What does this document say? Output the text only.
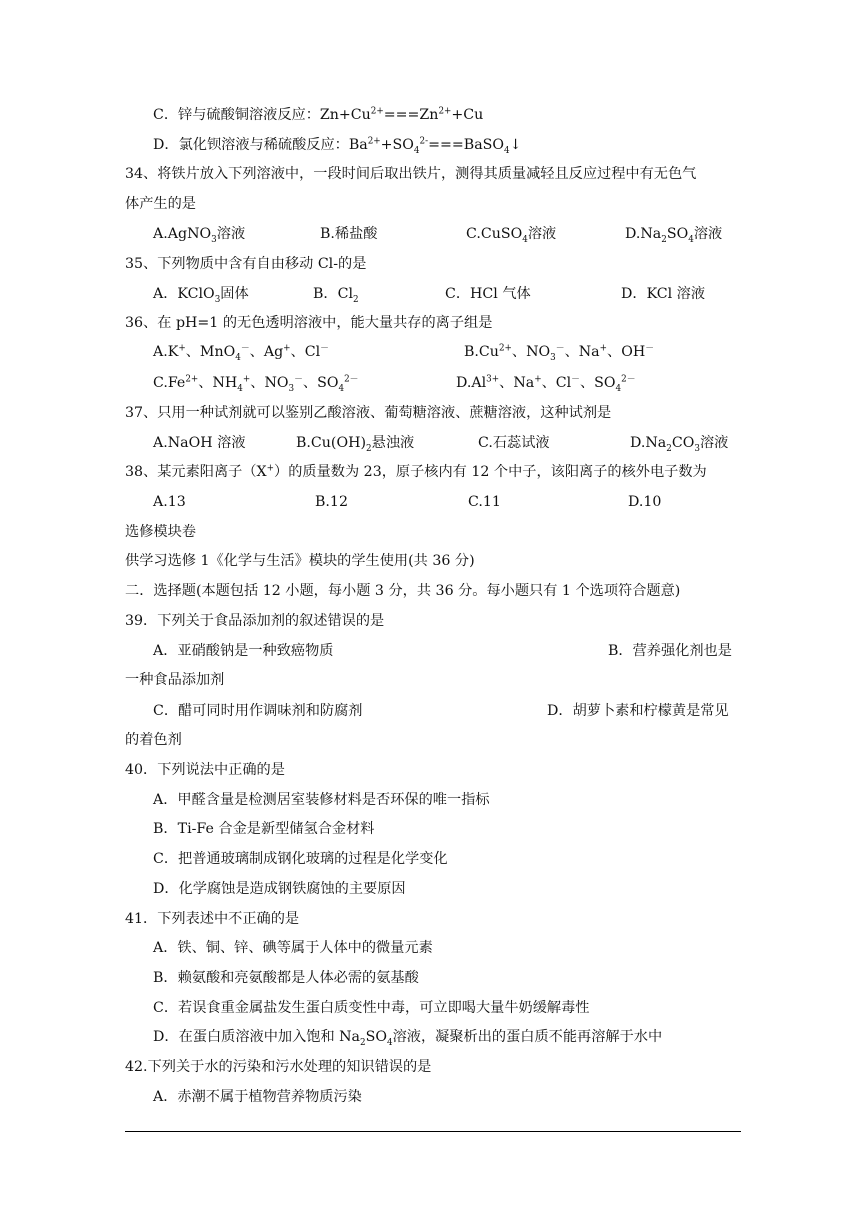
C．锌与硫酸铜溶液反应：$Zn+Cu^{2+}===Zn^{2+}+Cu$
D．氯化钡溶液与稀硫酸反应：$Ba^{2+}+SO_4^{2-}===BaSO_4↓$
34、将铁片放入下列溶液中，一段时间后取出铁片，测得其质量减轻且反应过程中有无色气
体产生的是
35、下列物质中含有自由移动 Cl-的是
36、在 pH=1 的无色透明溶液中，能大量共存的离子组是
37、只用一种试剂就可以鉴别乙酸溶液、葡萄糖溶液、蔗糖溶液，这种试剂是
38、某元素阳离子（X+）的质量数为 23，原子核内有 12 个中子，该阳离子的核外电子数为
选修模块卷
供学习选修 1《化学与生活》模块的学生使用(共 36 分)
二．选择题(本题包括 12 小题，每小题 3 分，共 36 分。每小题只有 1 个选项符合题意)
39．下列关于食品添加剂的叙述错误的是
一种食品添加剂
的着色剂
40．下列说法中正确的是
A．甲醛含量是检测居室装修材料是否环保的唯一指标
B．Ti-Fe 合金是新型储氢合金材料
C．把普通玻璃制成钢化玻璃的过程是化学变化
D．化学腐蚀是造成钢铁腐蚀的主要原因
41．下列表述中不正确的是
A．铁、铜、锌、碘等属于人体中的微量元素
B．赖氨酸和亮氨酸都是人体必需的氨基酸
C．若误食重金属盐发生蛋白质变性中毒，可立即喝大量牛奶缓解毒性
D．在蛋白质溶液中加入饱和 $Na_2SO_4$溶液，凝聚析出的蛋白质不能再溶解于水中
42.下列关于水的污染和污水处理的知识错误的是
A．赤潮不属于植物营养物质污染
A.AgNO$_3$溶液	B.稀盐酸	C.CuSO$_4$溶液	$D.Na_2SO_4$溶液
A．KClO$_3$固体	B．$Cl_2$	C．HCl 气体	D．KCl 溶液
A.K+、MnO$_4$－、Ag+、Cl－	$B.Cu^{2+}$、$NO_3^-$、Na+、OH－
$C.Fe^{2+}$、$NH_4^+$、$NO_3^-$、$SO_4^{2-}$	$D.Al^{3+}$、Na+、Cl－、$SO_4^{2-}$
A.NaOH 溶液	$B.Cu(OH)_2$悬浊液	C.石蕊试液	$D.Na_2CO_3$溶液
A.13	B.12	C.11	D.10
A．亚硝酸钠是一种致癌物质	B．营养强化剂也是
C．醋可同时用作调味剂和防腐剂	D．胡萝卜素和柠檬黄是常见
